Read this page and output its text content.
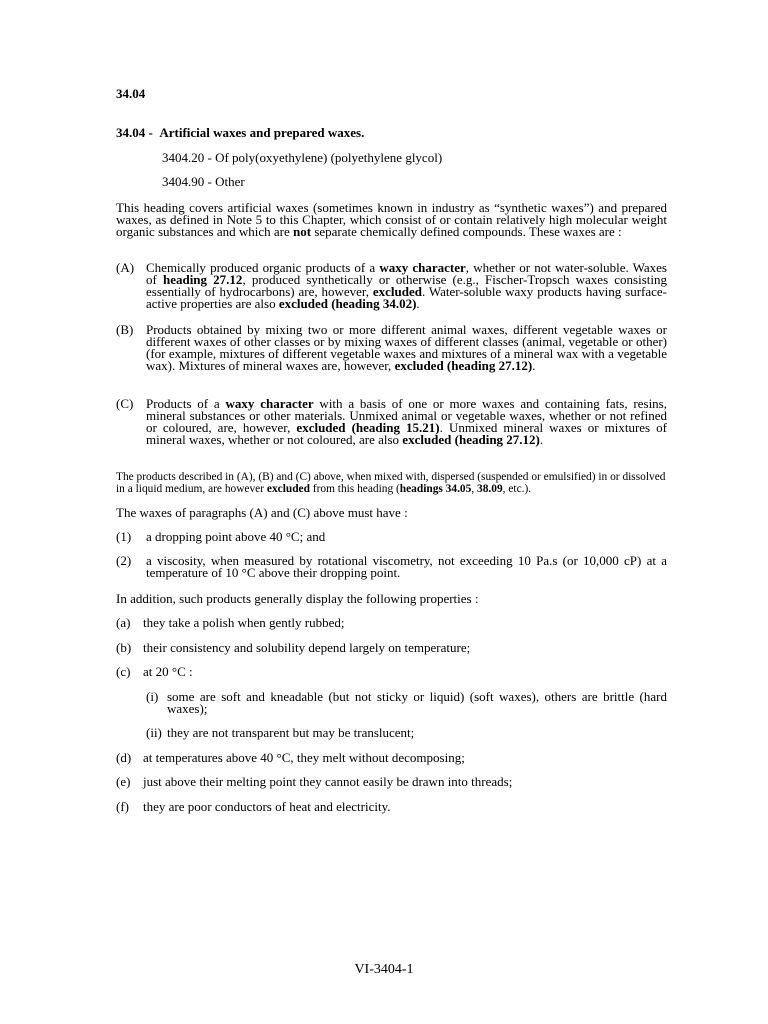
34.04
34.04 - Artificial waxes and prepared waxes.
3404.20 - Of poly(oxyethylene) (polyethylene glycol)
3404.90 - Other
This heading covers artificial waxes (sometimes known in industry as “synthetic waxes”) and prepared waxes, as defined in Note 5 to this Chapter, which consist of or contain relatively high molecular weight organic substances and which are not separate chemically defined compounds. These waxes are :
(A) Chemically produced organic products of a waxy character, whether or not water-soluble. Waxes of heading 27.12, produced synthetically or otherwise (e.g., Fischer-Tropsch waxes consisting essentially of hydrocarbons) are, however, excluded. Water-soluble waxy products having surface-active properties are also excluded (heading 34.02).
(B) Products obtained by mixing two or more different animal waxes, different vegetable waxes or different waxes of other classes or by mixing waxes of different classes (animal, vegetable or other) (for example, mixtures of different vegetable waxes and mixtures of a mineral wax with a vegetable wax). Mixtures of mineral waxes are, however, excluded (heading 27.12).
(C) Products of a waxy character with a basis of one or more waxes and containing fats, resins, mineral substances or other materials. Unmixed animal or vegetable waxes, whether or not refined or coloured, are, however, excluded (heading 15.21). Unmixed mineral waxes or mixtures of mineral waxes, whether or not coloured, are also excluded (heading 27.12).
The products described in (A), (B) and (C) above, when mixed with, dispersed (suspended or emulsified) in or dissolved in a liquid medium, are however excluded from this heading (headings 34.05, 38.09, etc.).
The waxes of paragraphs (A) and (C) above must have :
(1) a dropping point above 40 °C; and
(2) a viscosity, when measured by rotational viscometry, not exceeding 10 Pa.s (or 10,000 cP) at a temperature of 10 °C above their dropping point.
In addition, such products generally display the following properties :
(a) they take a polish when gently rubbed;
(b) their consistency and solubility depend largely on temperature;
(c) at 20 °C :
(i) some are soft and kneadable (but not sticky or liquid) (soft waxes), others are brittle (hard waxes);
(ii) they are not transparent but may be translucent;
(d) at temperatures above 40 °C, they melt without decomposing;
(e) just above their melting point they cannot easily be drawn into threads;
(f) they are poor conductors of heat and electricity.
VI-3404-1
